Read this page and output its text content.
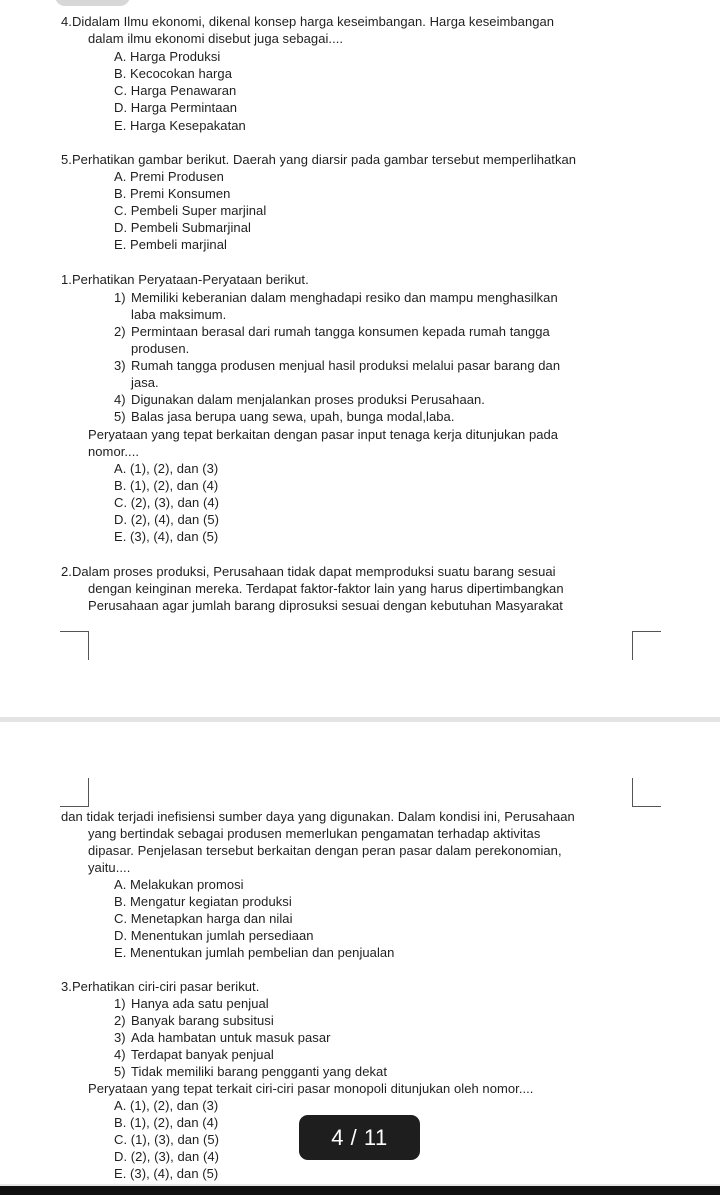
4.Didalam Ilmu ekonomi, dikenal konsep harga keseimbangan. Harga keseimbangan
dalam ilmu ekonomi disebut juga sebagai....
A. Harga Produksi
B. Kecocokan harga
C. Harga Penawaran
D. Harga Permintaan
E. Harga Kesepakatan
5.Perhatikan gambar berikut. Daerah yang diarsir pada gambar tersebut memperlihatkan
A. Premi Produsen
B. Premi Konsumen
C. Pembeli Super marjinal
D. Pembeli Submarjinal
E. Pembeli marjinal
1.Perhatikan Peryataan-Peryataan berikut.
1) Memiliki keberanian dalam menghadapi resiko dan mampu menghasilkan
laba maksimum.
2) Permintaan berasal dari rumah tangga konsumen kepada rumah tangga
produsen.
3) Rumah tangga produsen menjual hasil produksi melalui pasar barang dan
jasa.
4) Digunakan dalam menjalankan proses produksi Perusahaan.
5) Balas jasa berupa uang sewa, upah, bunga modal,laba.
Peryataan yang tepat berkaitan dengan pasar input tenaga kerja ditunjukan pada
nomor....
A. (1), (2), dan (3)
B. (1), (2), dan (4)
C. (2), (3), dan (4)
D. (2), (4), dan (5)
E. (3), (4), dan (5)
2.Dalam proses produksi, Perusahaan tidak dapat memproduksi suatu barang sesuai
dengan keinginan mereka. Terdapat faktor-faktor lain yang harus dipertimbangkan
Perusahaan agar jumlah barang diprosuksi sesuai dengan kebutuhan Masyarakat
dan tidak terjadi inefisiensi sumber daya yang digunakan. Dalam kondisi ini, Perusahaan
yang bertindak sebagai produsen memerlukan pengamatan terhadap aktivitas
dipasar. Penjelasan tersebut berkaitan dengan peran pasar dalam perekonomian,
yaitu....
A. Melakukan promosi
B. Mengatur kegiatan produksi
C. Menetapkan harga dan nilai
D. Menentukan jumlah persediaan
E. Menentukan jumlah pembelian dan penjualan
3.Perhatikan ciri-ciri pasar berikut.
1) Hanya ada satu penjual
2) Banyak barang subsitusi
3) Ada hambatan untuk masuk pasar
4) Terdapat banyak penjual
5) Tidak memiliki barang pengganti yang dekat
Peryataan yang tepat terkait ciri-ciri pasar monopoli ditunjukan oleh nomor....
A. (1), (2), dan (3)
B. (1), (2), dan (4)
C. (1), (3), dan (5)
D. (2), (3), dan (4)
E. (3), (4), dan (5)
4 / 11
